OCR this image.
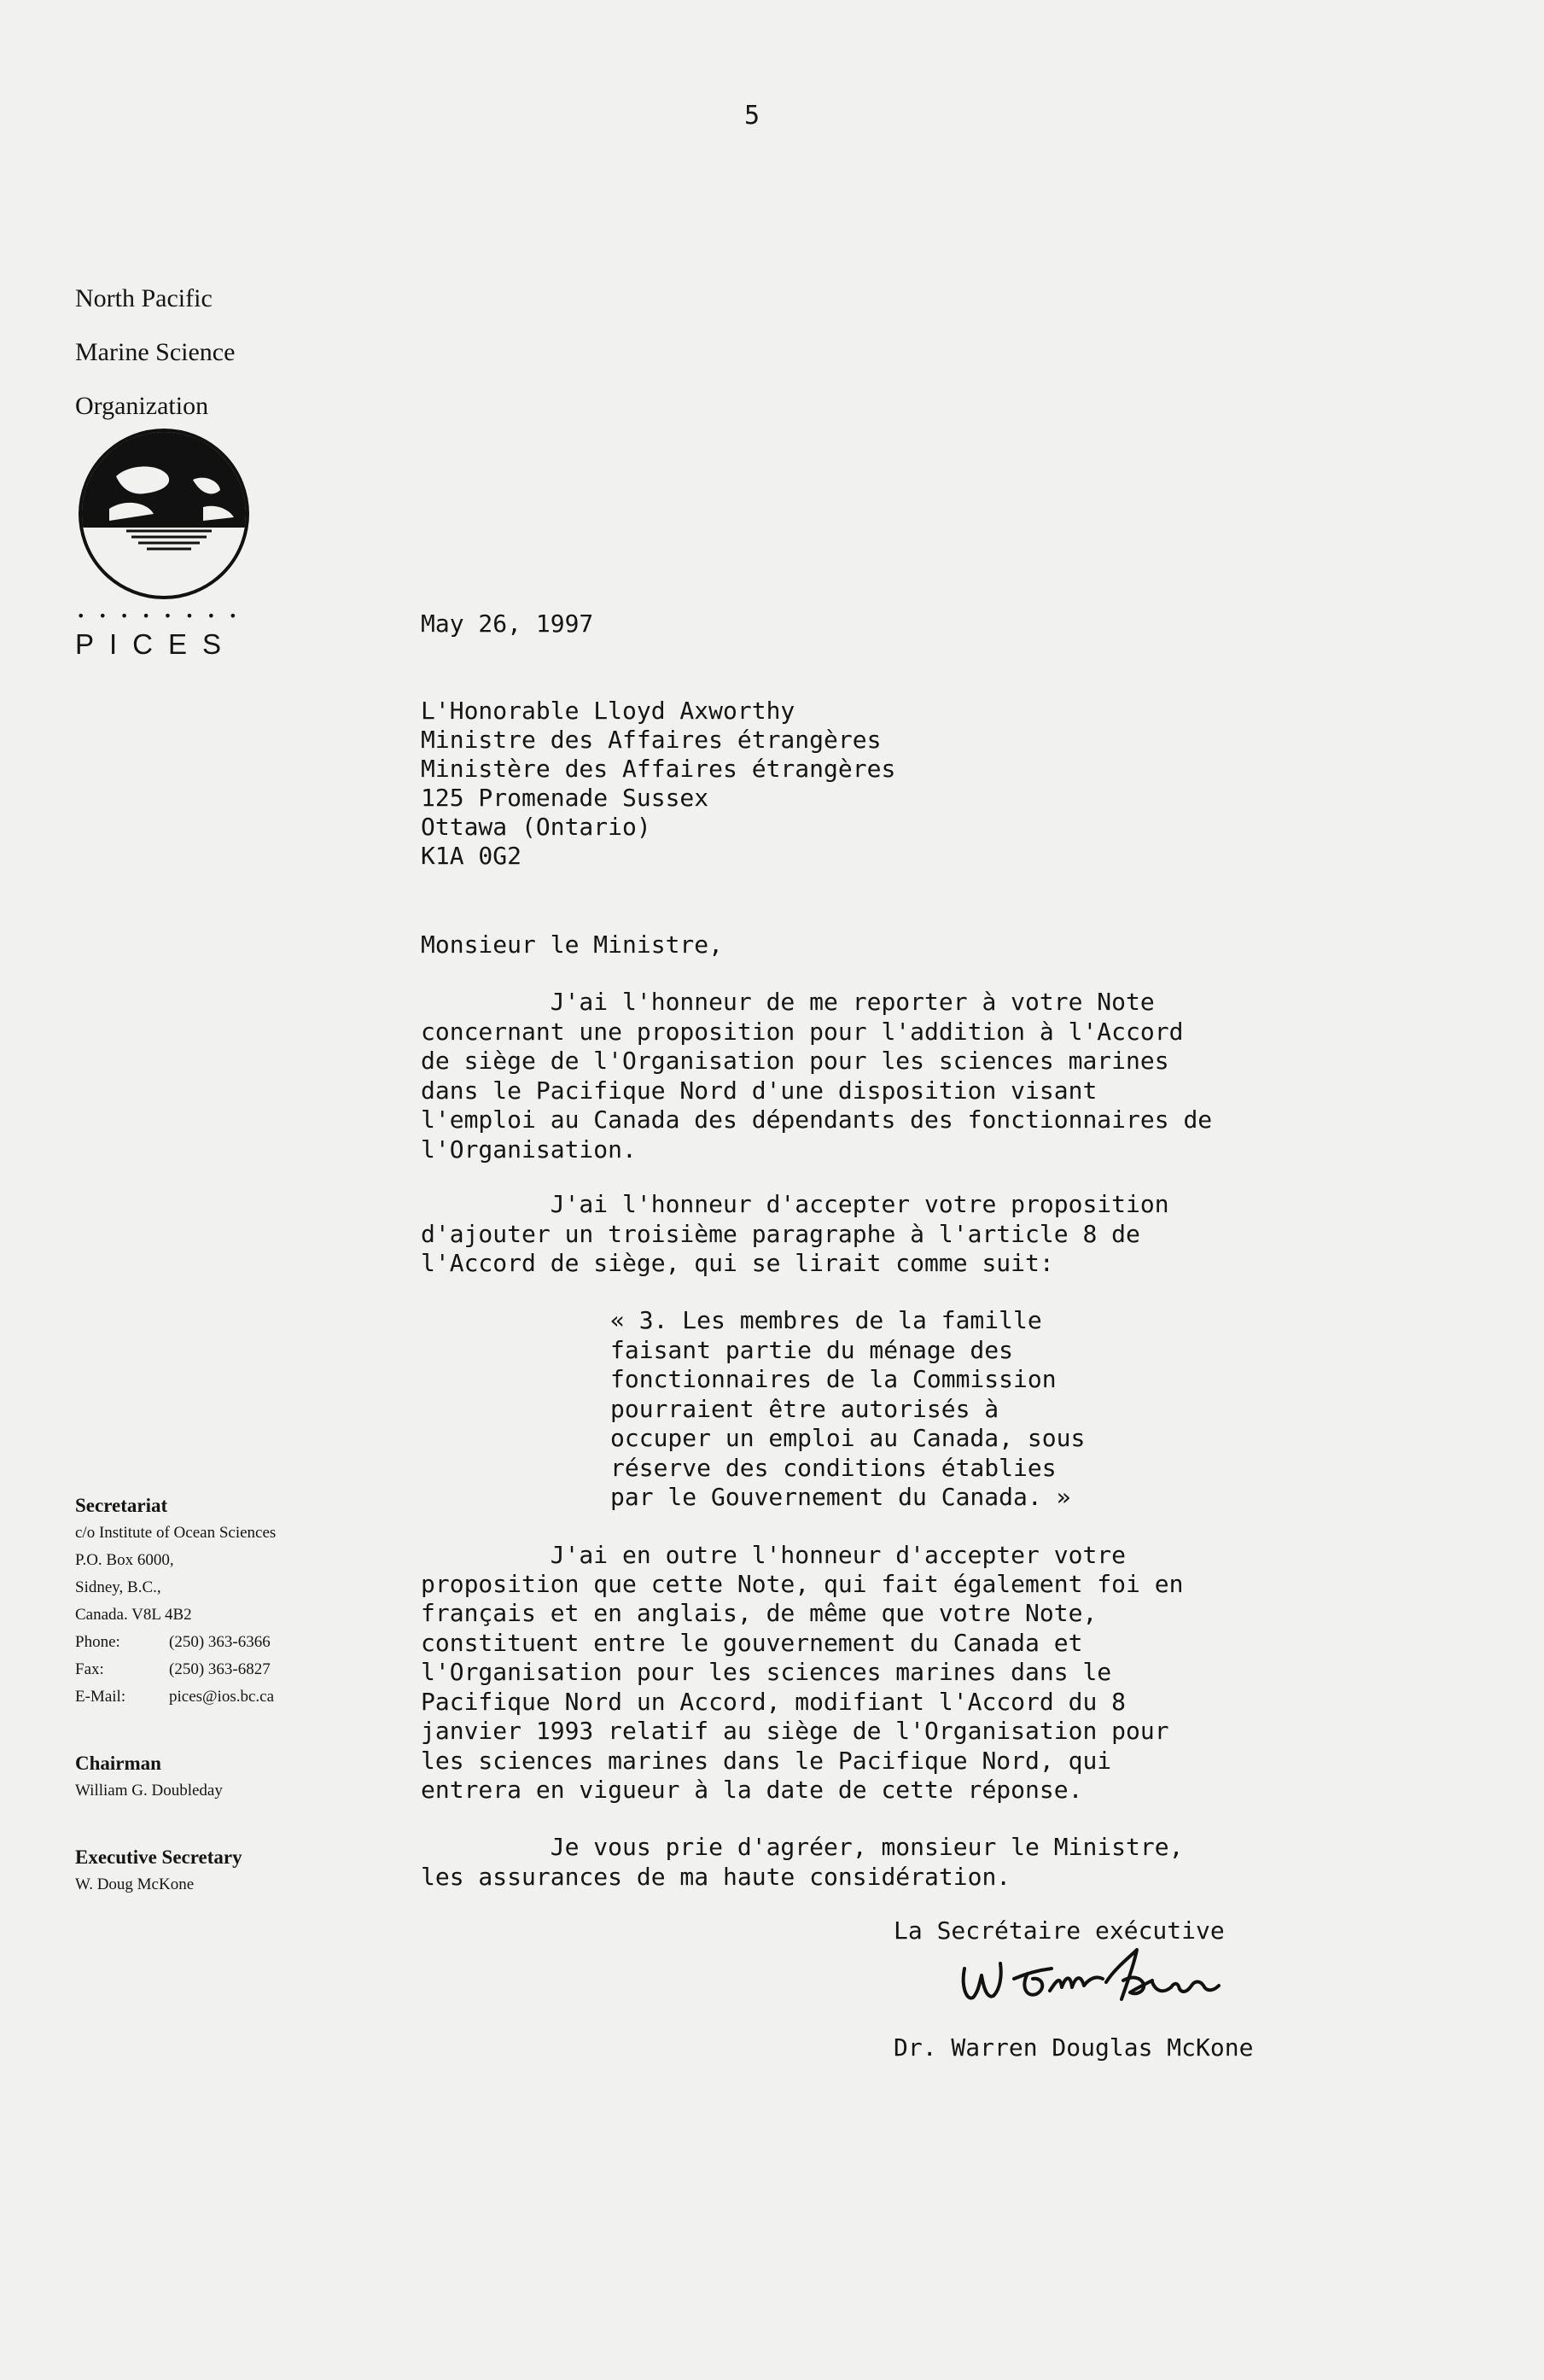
5
North Pacific
Marine Science
Organization
••••••••
PICES
Secretariat
c/o Institute of Ocean Sciences
P.O. Box 6000,
Sidney, B.C.,
Canada. V8L 4B2
Phone:	(250) 363-6366
Fax:	(250) 363-6827
E-Mail:	pices@ios.bc.ca
Chairman
William G. Doubleday
Executive Secretary
W. Doug McKone
May 26, 1997
L'Honorable Lloyd Axworthy
Ministre des Affaires étrangères
Ministère des Affaires étrangères
125 Promenade Sussex
Ottawa (Ontario)
K1A 0G2
Monsieur le Ministre,
J'ai l'honneur de me reporter à votre Note
concernant une proposition pour l'addition à l'Accord
de siège de l'Organisation pour les sciences marines
dans le Pacifique Nord d'une disposition visant
l'emploi au Canada des dépendants des fonctionnaires de
l'Organisation.
J'ai l'honneur d'accepter votre proposition
d'ajouter un troisième paragraphe à l'article 8 de
l'Accord de siège, qui se lirait comme suit:
« 3. Les membres de la famille
faisant partie du ménage des
fonctionnaires de la Commission
pourraient être autorisés à
occuper un emploi au Canada, sous
réserve des conditions établies
par le Gouvernement du Canada. »
J'ai en outre l'honneur d'accepter votre
proposition que cette Note, qui fait également foi en
français et en anglais, de même que votre Note,
constituent entre le gouvernement du Canada et
l'Organisation pour les sciences marines dans le
Pacifique Nord un Accord, modifiant l'Accord du 8
janvier 1993 relatif au siège de l'Organisation pour
les sciences marines dans le Pacifique Nord, qui
entrera en vigueur à la date de cette réponse.
Je vous prie d'agréer, monsieur le Ministre,
les assurances de ma haute considération.
La Secrétaire exécutive
Dr. Warren Douglas McKone
